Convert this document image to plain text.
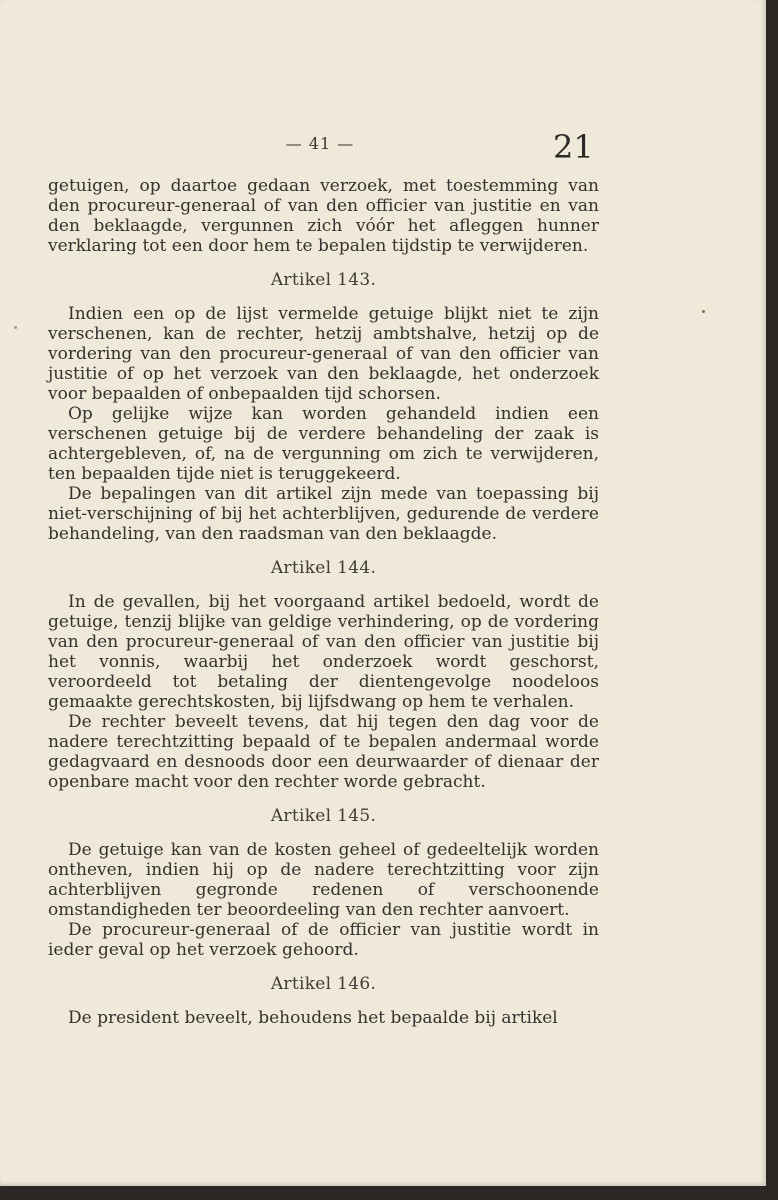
— 41 —	21

getuigen, op daartoe gedaan verzoek, met toestemming van den procureur-generaal of van den officier van justitie en van den beklaagde, vergunnen zich vóór het afleggen hunner verklaring tot een door hem te bepalen tijdstip te verwijderen.

Artikel 143.

Indien een op de lijst vermelde getuige blijkt niet te zijn verschenen, kan de rechter, hetzij ambtshalve, hetzij op de vordering van den procureur-generaal of van den officier van justitie of op het verzoek van den beklaagde, het onderzoek voor bepaalden of onbepaalden tijd schorsen.

Op gelijke wijze kan worden gehandeld indien een verschenen getuige bij de verdere behandeling der zaak is achtergebleven, of, na de vergunning om zich te verwijderen, ten bepaalden tijde niet is teruggekeerd.

De bepalingen van dit artikel zijn mede van toepassing bij niet-verschijning of bij het achterblijven, gedurende de verdere behandeling, van den raadsman van den beklaagde.

Artikel 144.

In de gevallen, bij het voorgaand artikel bedoeld, wordt de getuige, tenzij blijke van geldige verhindering, op de vordering van den procureur-generaal of van den officier van justitie bij het vonnis, waarbij het onderzoek wordt geschorst, veroordeeld tot betaling der dientengevolge noodeloos gemaakte gerechtskosten, bij lijfsdwang op hem te verhalen.

De rechter beveelt tevens, dat hij tegen den dag voor de nadere terechtzitting bepaald of te bepalen andermaal worde gedagvaard en desnoods door een deurwaarder of dienaar der openbare macht voor den rechter worde gebracht.

Artikel 145.

De getuige kan van de kosten geheel of gedeeltelijk worden ontheven, indien hij op de nadere terechtzitting voor zijn achterblijven gegronde redenen of verschoonende omstandigheden ter beoordeeling van den rechter aanvoert.

De procureur-generaal of de officier van justitie wordt in ieder geval op het verzoek gehoord.

Artikel 146.

De president beveelt, behoudens het bepaalde bij artikel
